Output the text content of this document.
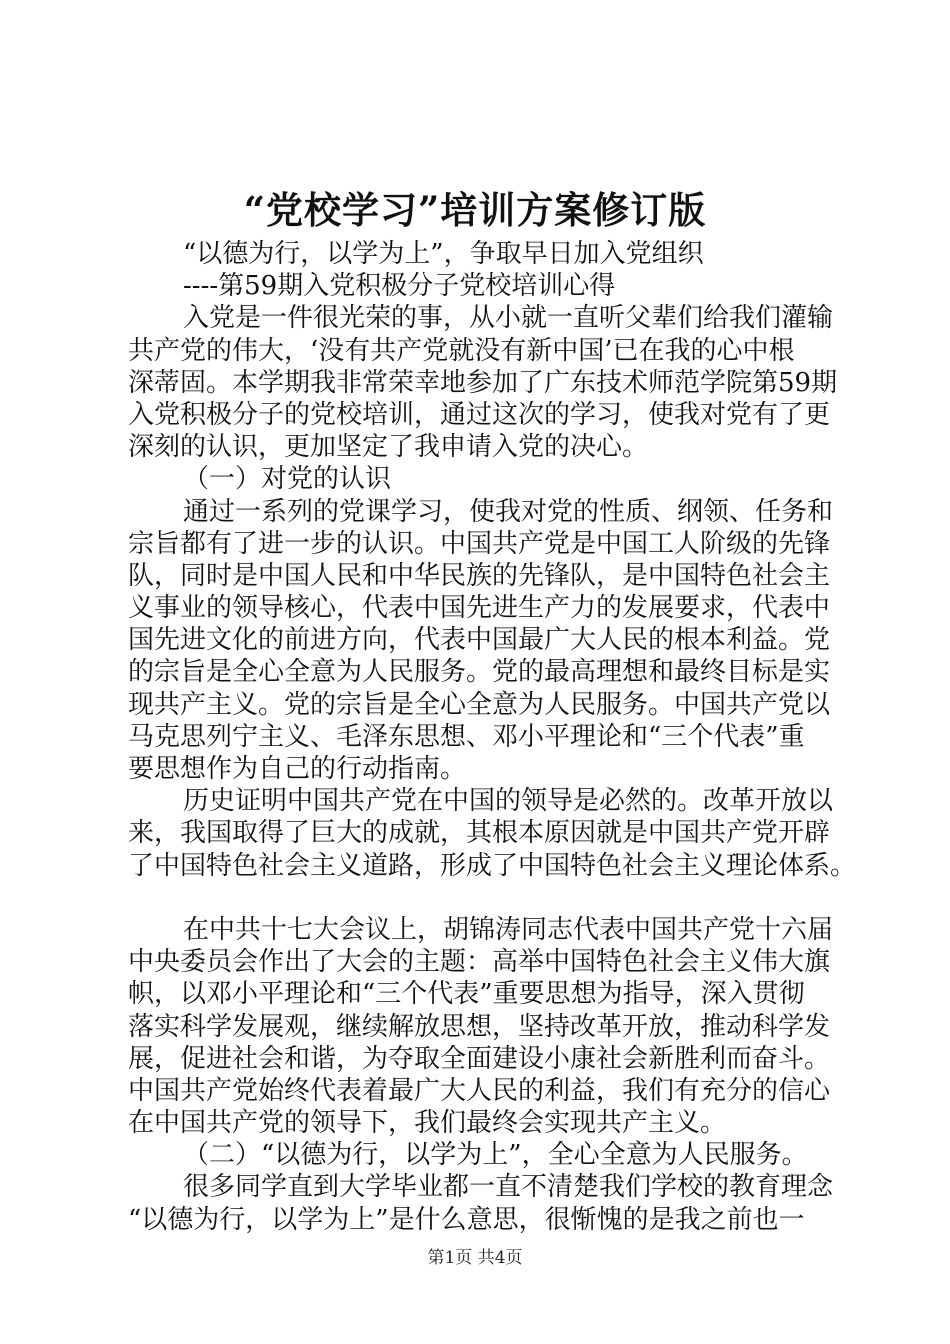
“党校学习”培训方案修订版
“以德为行，以学为上”，争取早日加入党组织
----第59期入党积极分子党校培训心得
入党是一件很光荣的事，从小就一直听父辈们给我们灌输
共产党的伟大，‘没有共产党就没有新中国’已在我的心中根
深蒂固。本学期我非常荣幸地参加了广东技术师范学院第59期
入党积极分子的党校培训，通过这次的学习，使我对党有了更
深刻的认识，更加坚定了我申请入党的决心。
（一）对党的认识
通过一系列的党课学习，使我对党的性质、纲领、任务和
宗旨都有了进一步的认识。中国共产党是中国工人阶级的先锋
队，同时是中国人民和中华民族的先锋队，是中国特色社会主
义事业的领导核心，代表中国先进生产力的发展要求，代表中
国先进文化的前进方向，代表中国最广大人民的根本利益。党
的宗旨是全心全意为人民服务。党的最高理想和最终目标是实
现共产主义。党的宗旨是全心全意为人民服务。中国共产党以
马克思列宁主义、毛泽东思想、邓小平理论和“三个代表”重
要思想作为自己的行动指南。
历史证明中国共产党在中国的领导是必然的。改革开放以
来，我国取得了巨大的成就，其根本原因就是中国共产党开辟
了中国特色社会主义道路，形成了中国特色社会主义理论体系。
在中共十七大会议上，胡锦涛同志代表中国共产党十六届
中央委员会作出了大会的主题：高举中国特色社会主义伟大旗
帜，以邓小平理论和“三个代表”重要思想为指导，深入贯彻
落实科学发展观，继续解放思想，坚持改革开放，推动科学发
展，促进社会和谐，为夺取全面建设小康社会新胜利而奋斗。
中国共产党始终代表着最广大人民的利益，我们有充分的信心
在中国共产党的领导下，我们最终会实现共产主义。
（二）“以德为行，以学为上”，全心全意为人民服务。
很多同学直到大学毕业都一直不清楚我们学校的教育理念
“以德为行，以学为上”是什么意思，很惭愧的是我之前也一
第1页 共4页
